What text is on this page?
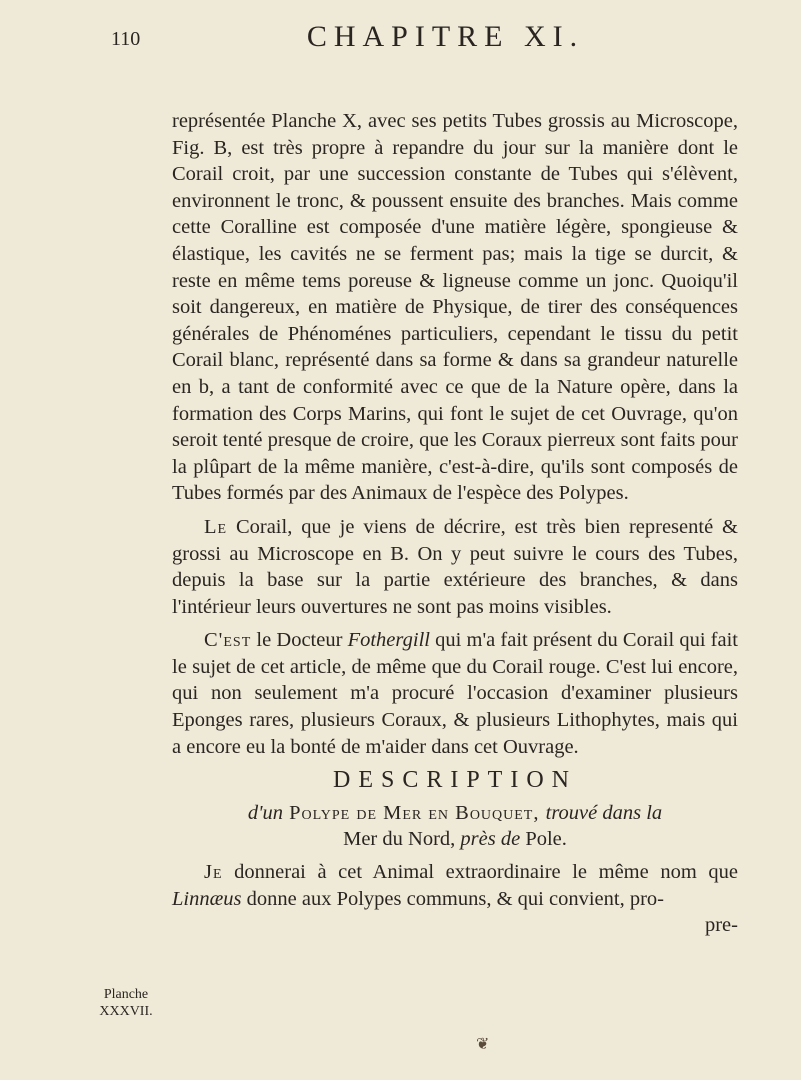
110	CHAPITRE XI.

représentée Planche X, avec ses petits Tubes grossis au Microscope, Fig. B, est très propre à repandre du jour sur la manière dont le Corail croit, par une succession constante de Tubes qui s'élèvent, environnent le tronc, & poussent ensuite des branches. Mais comme cette Coralline est composée d'une matière légère, spongieuse & élastique, les cavités ne se ferment pas; mais la tige se durcit, & reste en même tems poreuse & ligneuse comme un jonc. Quoiqu'il soit dangereux, en matière de Physique, de tirer des conséquences générales de Phénoménes particuliers, cependant le tissu du petit Corail blanc, représenté dans sa forme & dans sa grandeur naturelle en b, a tant de conformité avec ce que de la Nature opère, dans la formation des Corps Marins, qui font le sujet de cet Ouvrage, qu'on seroit tenté presque de croire, que les Coraux pierreux sont faits pour la plûpart de la même manière, c'est-à-dire, qu'ils sont composés de Tubes formés par des Animaux de l'espèce des Polypes.

Le Corail, que je viens de décrire, est très bien representé & grossi au Microscope en B. On y peut suivre le cours des Tubes, depuis la base sur la partie extérieure des branches, & dans l'intérieur leurs ouvertures ne sont pas moins visibles.

C'est le Docteur Fothergill qui m'a fait présent du Corail qui fait le sujet de cet article, de même que du Corail rouge. C'est lui encore, qui non seulement m'a procuré l'occasion d'examiner plusieurs Eponges rares, plusieurs Coraux, & plusieurs Lithophytes, mais qui a encore eu la bonté de m'aider dans cet Ouvrage.

DESCRIPTION
d'un Polype de Mer en Bouquet, trouvé dans la
Mer du Nord, près de Pole.

Je donnerai à cet Animal extraordinaire le même nom que Linnæus donne aux Polypes communs, & qui convient, pro-

pre-
Planche
XXXVII.
❦
